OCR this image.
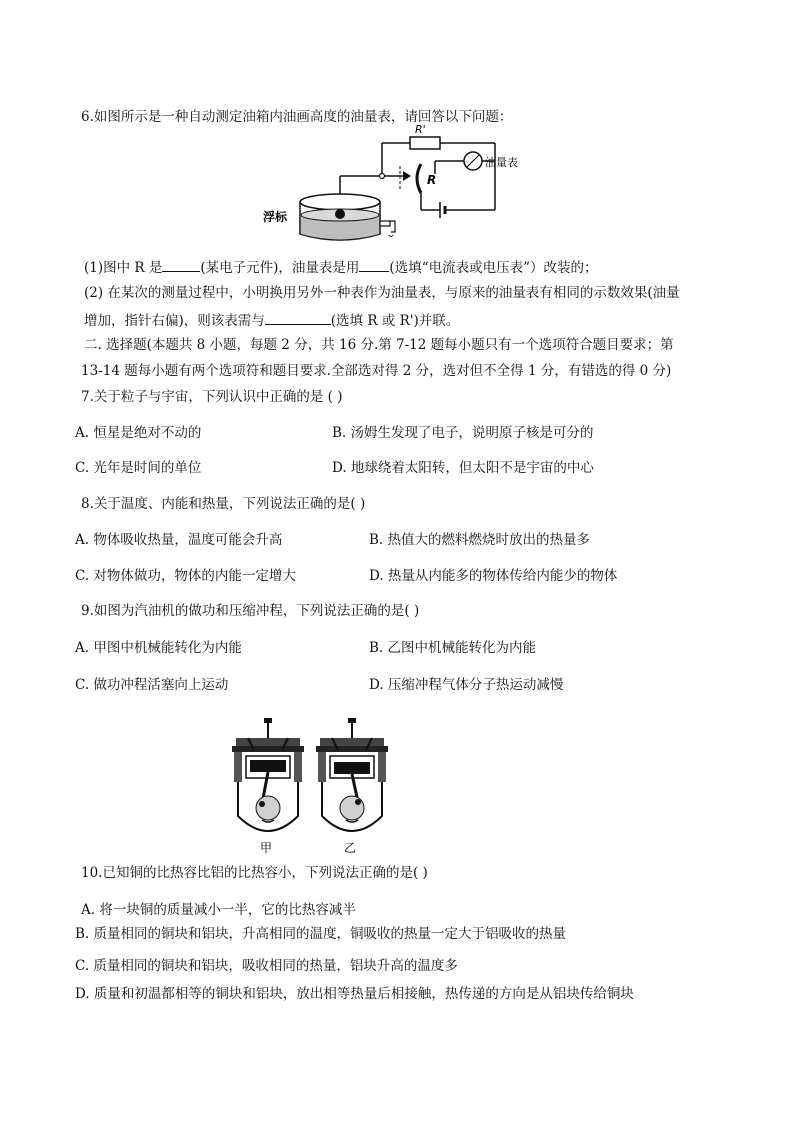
6.如图所示是一种自动测定油箱内油画高度的油量表，请回答以下问题：
R'
油量表
R
浮标
(1)图中 R 是	(某电子元件)，油量表是用 (选填“电流表或电压表”）改装的；
(2) 在某次的测量过程中，小明换用另外一种表作为油量表，与原来的油量表有相同的示数效果(油量
增加，指针右偏)，则该表需与	(选填 R 或 R')并联。
二. 选择题(本题共 8 小题，每题 2 分，共 16 分.第 7-12 题每小题只有一个选项符合题目要求；第
13-14 题每小题有两个选项符和题目要求.全部选对得 2 分，选对但不全得 1 分，有错选的得 0 分)
7.关于粒子与宇宙，下列认识中正确的是 ( )
A. 恒星是绝对不动的	B. 汤姆生发现了电子，说明原子核是可分的
C. 光年是时间的单位	D. 地球绕着太阳转，但太阳不是宇宙的中心
8.关于温度、内能和热量，下列说法正确的是( )
A. 物体吸收热量，温度可能会升高	B. 热值大的燃料燃烧时放出的热量多
C. 对物体做功，物体的内能一定增大	D. 热量从内能多的物体传给内能少的物体
9.如图为汽油机的做功和压缩冲程，下列说法正确的是( )
A. 甲图中机械能转化为内能	B. 乙图中机械能转化为内能
C. 做功冲程活塞向上运动	D. 压缩冲程气体分子热运动减慢
甲	乙
10.已知铜的比热容比铝的比热容小，下列说法正确的是( )
A. 将一块铜的质量减小一半，它的比热容减半
B. 质量相同的铜块和铝块，升高相同的温度，铜吸收的热量一定大于铝吸收的热量
C. 质量相同的铜块和铝块，吸收相同的热量，铝块升高的温度多
D. 质量和初温都相等的铜块和铝块，放出相等热量后相接触，热传递的方向是从铝块传给铜块
